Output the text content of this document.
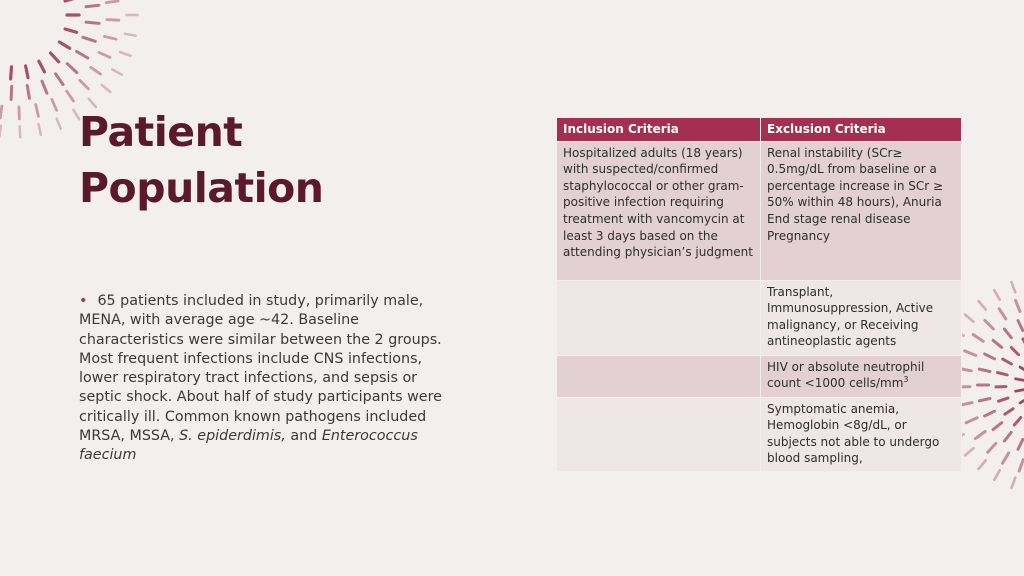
Patient
Population

• 65 patients included in study, primarily male, MENA, with average age ~42. Baseline characteristics were similar between the 2 groups. Most frequent infections include CNS infections, lower respiratory tract infections, and sepsis or septic shock. About half of study participants were critically ill. Common known pathogens included MRSA, MSSA, S. epiderdimis, and Enterococcus faecium

Inclusion Criteria	Exclusion Criteria
Hospitalized adults (18 years) with suspected/confirmed staphylococcal or other gram-positive infection requiring treatment with vancomycin at least 3 days based on the attending physician’s judgment	Renal instability (SCr≥ 0.5mg/dL from baseline or a percentage increase in SCr ≥ 50% within 48 hours), Anuria End stage renal disease Pregnancy
	Transplant, Immunosuppression, Active malignancy, or Receiving antineoplastic agents
	HIV or absolute neutrophil count <1000 cells/$mm^3$
	Symptomatic anemia, Hemoglobin <8g/dL, or subjects not able to undergo blood sampling,
